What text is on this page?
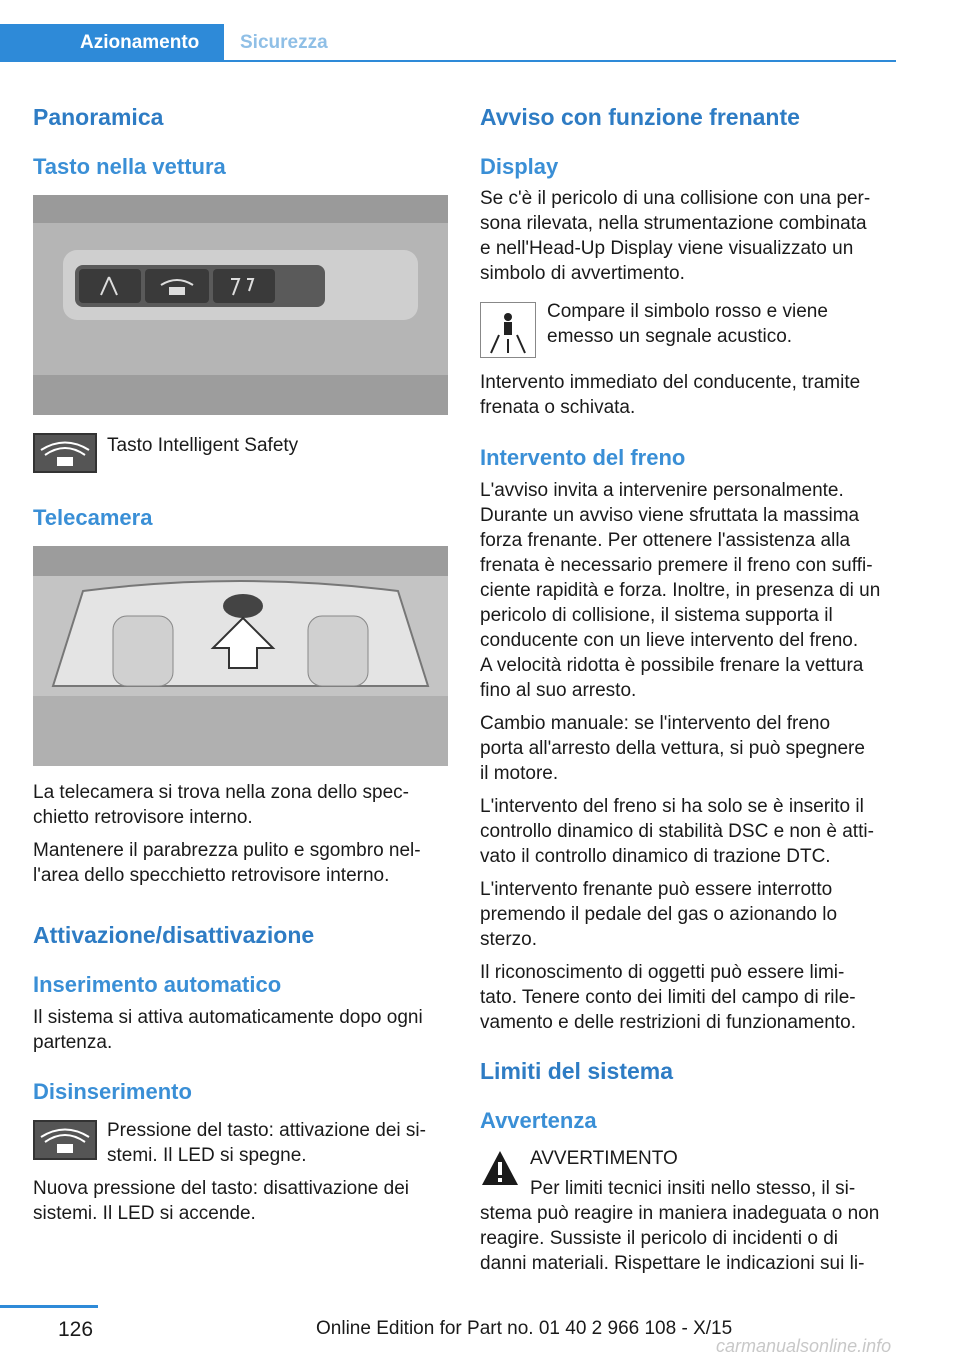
Azionamento	Sicurezza
Panoramica
Tasto nella vettura
Tasto Intelligent Safety
Telecamera
La telecamera si trova nella zona dello spec-
chietto retrovisore interno.
Mantenere il parabrezza pulito e sgombro nel-
l'area dello specchietto retrovisore interno.
Attivazione/disattivazione
Inserimento automatico
Il sistema si attiva automaticamente dopo ogni
partenza.
Disinserimento
Pressione del tasto: attivazione dei si-
stemi. Il LED si spegne.
Nuova pressione del tasto: disattivazione dei
sistemi. Il LED si accende.
Avviso con funzione frenante
Display
Se c'è il pericolo di una collisione con una per-
sona rilevata, nella strumentazione combinata
e nell'Head-Up Display viene visualizzato un
simbolo di avvertimento.
Compare il simbolo rosso e viene
emesso un segnale acustico.
Intervento immediato del conducente, tramite
frenata o schivata.
Intervento del freno
L'avviso invita a intervenire personalmente.
Durante un avviso viene sfruttata la massima
forza frenante. Per ottenere l'assistenza alla
frenata è necessario premere il freno con suffi-
ciente rapidità e forza. Inoltre, in presenza di un
pericolo di collisione, il sistema supporta il
conducente con un lieve intervento del freno.
A velocità ridotta è possibile frenare la vettura
fino al suo arresto.
Cambio manuale: se l'intervento del freno
porta all'arresto della vettura, si può spegnere
il motore.
L'intervento del freno si ha solo se è inserito il
controllo dinamico di stabilità DSC e non è atti-
vato il controllo dinamico di trazione DTC.
L'intervento frenante può essere interrotto
premendo il pedale del gas o azionando lo
sterzo.
Il riconoscimento di oggetti può essere limi-
tato. Tenere conto dei limiti del campo di rile-
vamento e delle restrizioni di funzionamento.
Limiti del sistema
Avvertenza
AVVERTIMENTO
Per limiti tecnici insiti nello stesso, il si-
stema può reagire in maniera inadeguata o non
reagire. Sussiste il pericolo di incidenti o di
danni materiali. Rispettare le indicazioni sui li-
126	Online Edition for Part no. 01 40 2 966 108 - X/15
carmanualsonline.info
